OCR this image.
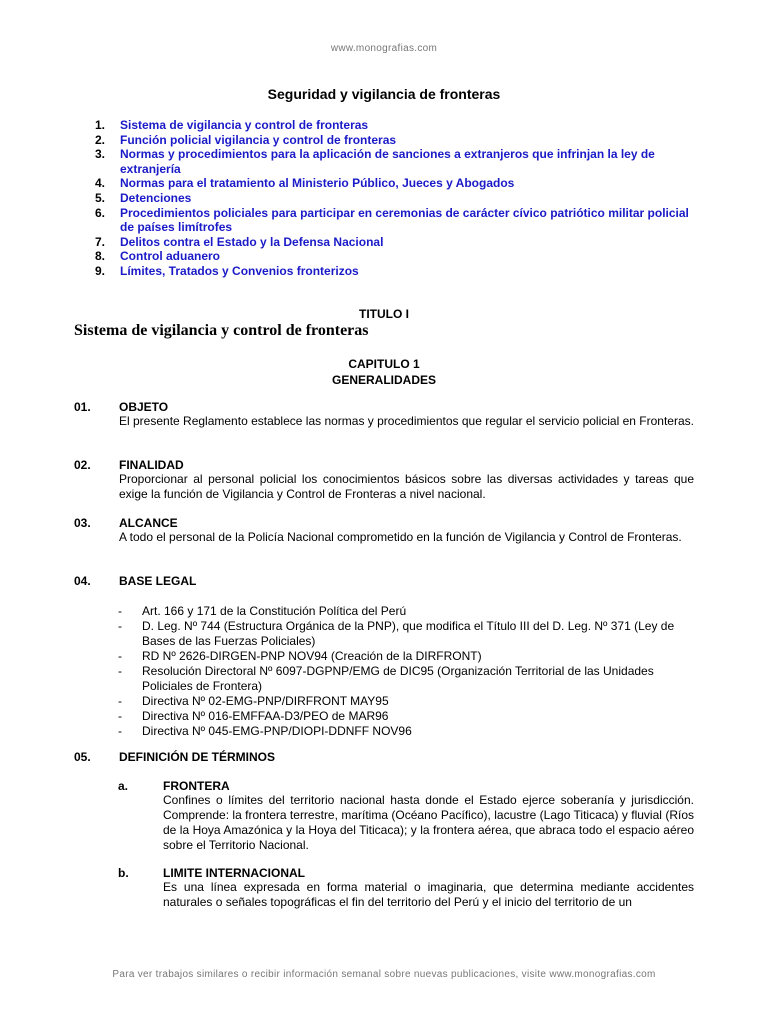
www.monografias.com
Seguridad y vigilancia de fronteras
1. Sistema de vigilancia y control de fronteras
2. Función policial vigilancia y control de fronteras
3. Normas y procedimientos para la aplicación de sanciones a extranjeros que infrinjan la ley de extranjería
4. Normas para el tratamiento al Ministerio Público, Jueces y Abogados
5. Detenciones
6. Procedimientos policiales para participar en ceremonias de carácter cívico patriótico militar policial de países limítrofes
7. Delitos contra el Estado y la Defensa Nacional
8. Control aduanero
9. Límites, Tratados y Convenios fronterizos
TITULO I
Sistema de vigilancia y control de fronteras
CAPITULO 1
GENERALIDADES
01. OBJETO
El presente Reglamento establece las normas y procedimientos que regular el servicio policial en Fronteras.
02. FINALIDAD
Proporcionar al personal policial los conocimientos básicos sobre las diversas actividades y tareas que exige la función de Vigilancia y Control de Fronteras a nivel nacional.
03. ALCANCE
A todo el personal de la Policía Nacional comprometido en la función de Vigilancia y Control de Fronteras.
04. BASE LEGAL
- Art. 166 y 171 de la Constitución Política del Perú
- D. Leg. Nº 744 (Estructura Orgánica de la PNP), que modifica el Título III del D. Leg. Nº 371 (Ley de Bases de las Fuerzas Policiales)
- RD Nº 2626-DIRGEN-PNP NOV94 (Creación de la DIRFRONT)
- Resolución Directoral Nº 6097-DGPNP/EMG de DIC95 (Organización Territorial de las Unidades Policiales de Frontera)
- Directiva Nº 02-EMG-PNP/DIRFRONT MAY95
- Directiva Nº 016-EMFFAA-D3/PEO de MAR96
- Directiva Nº 045-EMG-PNP/DIOPI-DDNFF NOV96
05. DEFINICIÓN DE TÉRMINOS
a.	FRONTERA
Confines o límites del territorio nacional hasta donde el Estado ejerce soberanía y jurisdicción. Comprende: la frontera terrestre, marítima (Océano Pacífico), lacustre (Lago Titicaca) y fluvial (Ríos de la Hoya Amazónica y la Hoya del Titicaca); y la frontera aérea, que abraca todo el espacio aéreo sobre el Territorio Nacional.
b.	LIMITE INTERNACIONAL
Es una línea expresada en forma material o imaginaria, que determina mediante accidentes naturales o señales topográficas el fin del territorio del Perú y el inicio del territorio de un
Para ver trabajos similares o recibir información semanal sobre nuevas publicaciones, visite www.monografias.com
